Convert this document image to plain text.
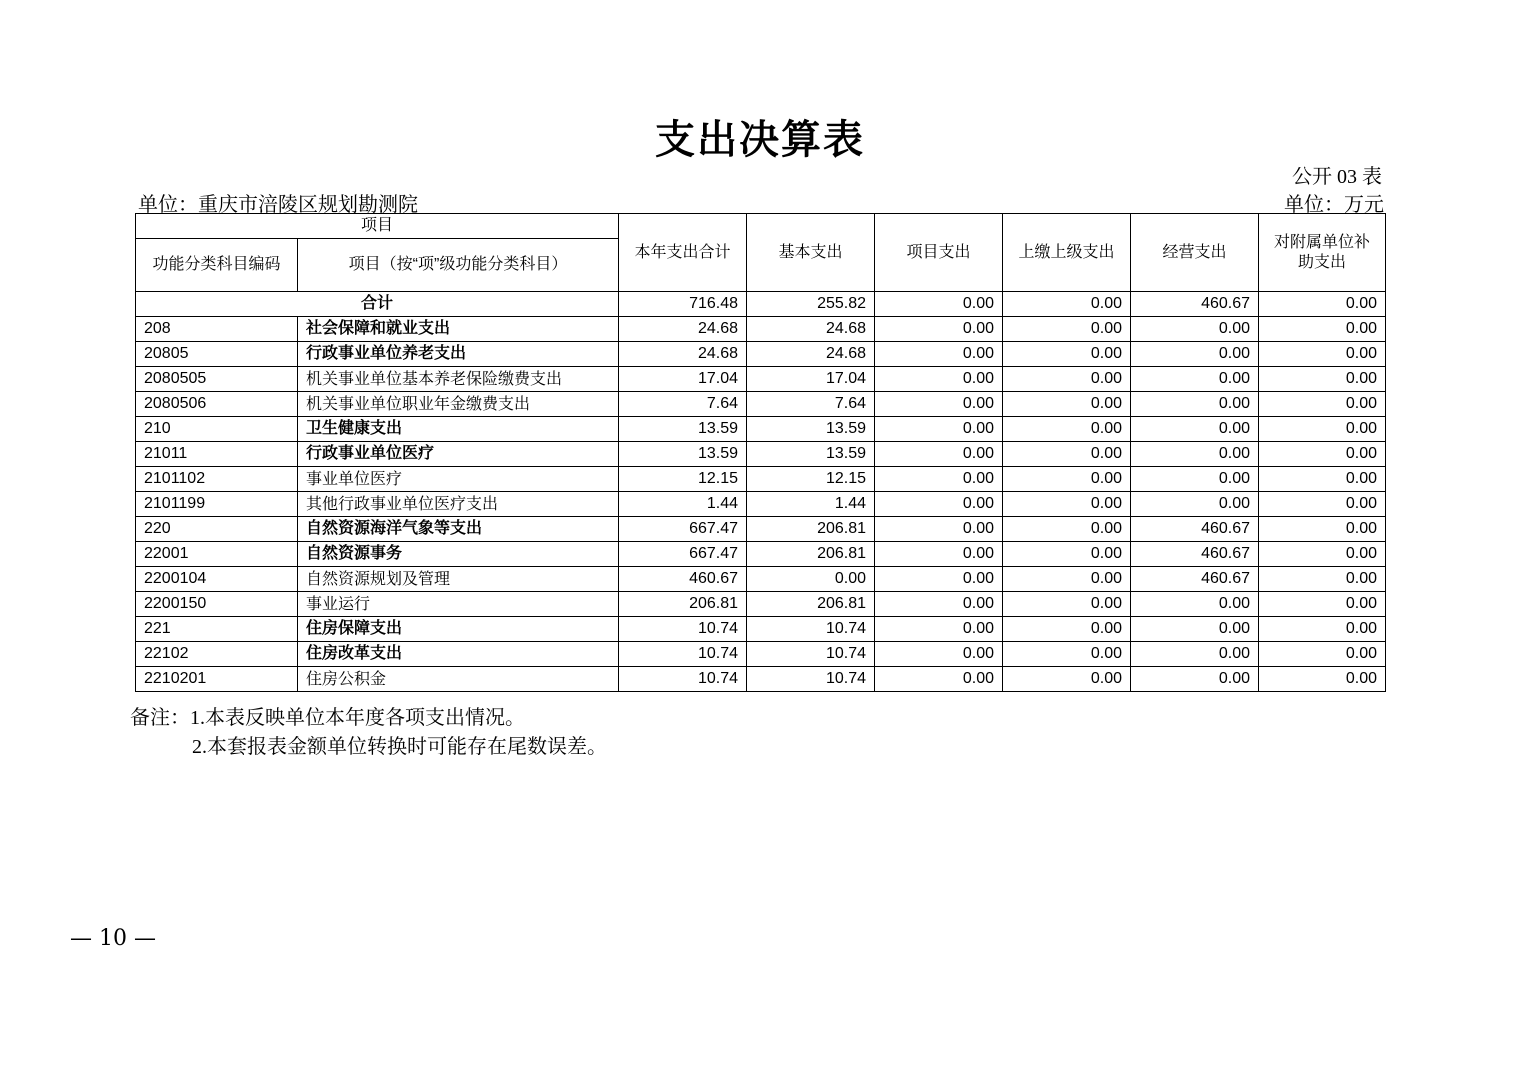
支出决算表
公开 03 表
单位：重庆市涪陵区规划勘测院	单位：万元
项目		本年支出合计	基本支出	项目支出	上缴上级支出	经营支出	对附属单位补助支出
功能分类科目编码	项目（按“项”级功能分类科目）						
合计		716.48	255.82	0.00	0.00	460.67	0.00
208	社会保障和就业支出	24.68	24.68	0.00	0.00	0.00	0.00
20805	行政事业单位养老支出	24.68	24.68	0.00	0.00	0.00	0.00
2080505	机关事业单位基本养老保险缴费支出	17.04	17.04	0.00	0.00	0.00	0.00
2080506	机关事业单位职业年金缴费支出	7.64	7.64	0.00	0.00	0.00	0.00
210	卫生健康支出	13.59	13.59	0.00	0.00	0.00	0.00
21011	行政事业单位医疗	13.59	13.59	0.00	0.00	0.00	0.00
2101102	事业单位医疗	12.15	12.15	0.00	0.00	0.00	0.00
2101199	其他行政事业单位医疗支出	1.44	1.44	0.00	0.00	0.00	0.00
220	自然资源海洋气象等支出	667.47	206.81	0.00	0.00	460.67	0.00
22001	自然资源事务	667.47	206.81	0.00	0.00	460.67	0.00
2200104	自然资源规划及管理	460.67	0.00	0.00	0.00	460.67	0.00
2200150	事业运行	206.81	206.81	0.00	0.00	0.00	0.00
221	住房保障支出	10.74	10.74	0.00	0.00	0.00	0.00
22102	住房改革支出	10.74	10.74	0.00	0.00	0.00	0.00
2210201	住房公积金	10.74	10.74	0.00	0.00	0.00	0.00
备注：1.本表反映单位本年度各项支出情况。
2.本套报表金额单位转换时可能存在尾数误差。
— 10 —
